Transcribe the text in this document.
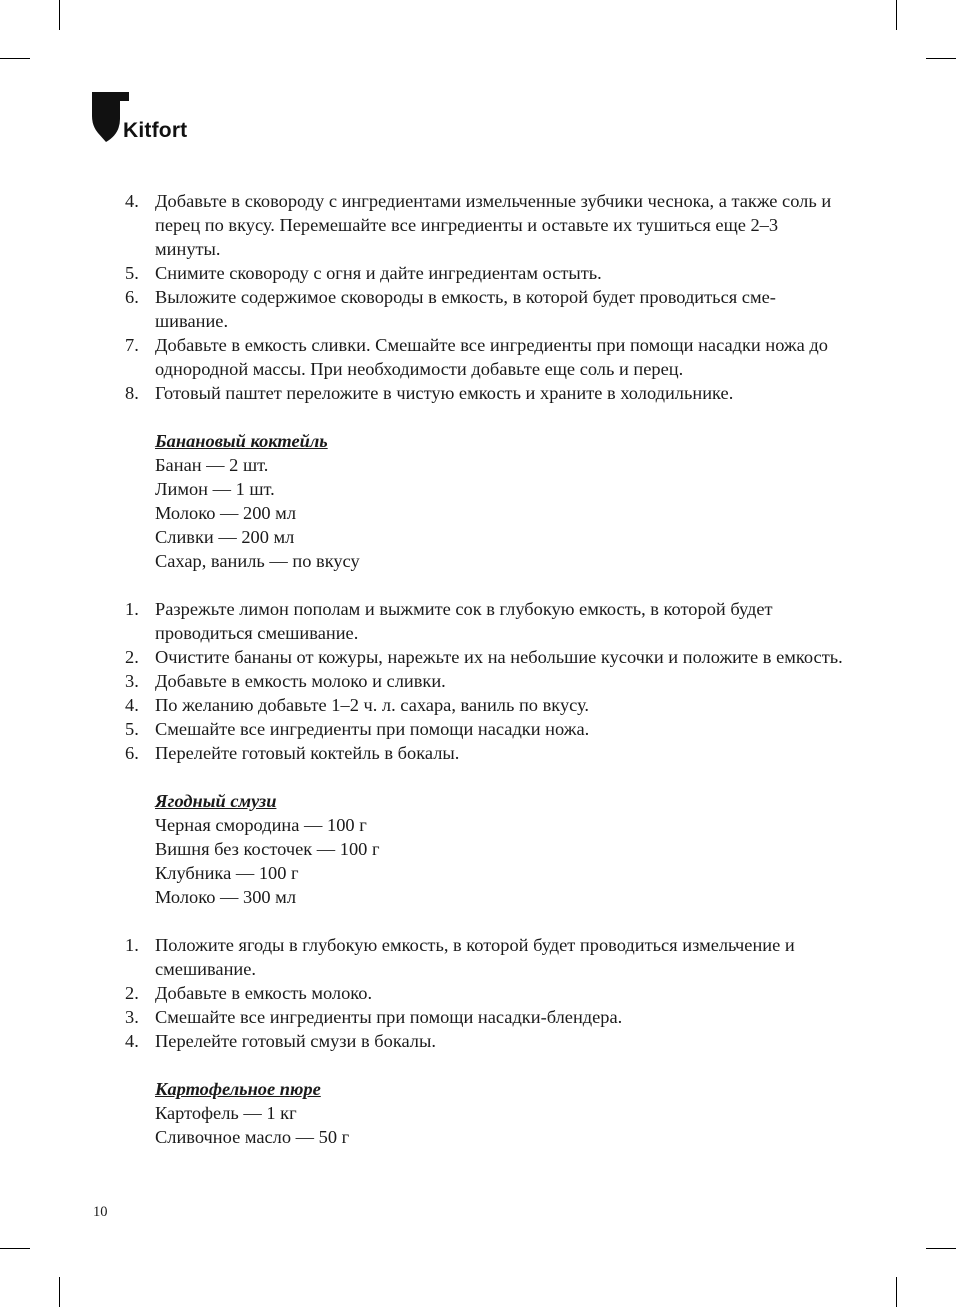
Kitfort
4. Добавьте в сковороду с ингредиентами измельченные зубчики чеснока, а также соль и перец по вкусу. Перемешайте все ингредиенты и оставьте их тушиться еще 2–3 минуты.
5. Снимите сковороду с огня и дайте ингредиентам остыть.
6. Выложите содержимое сковороды в емкость, в которой будет проводиться сме-шивание.
7. Добавьте в емкость сливки. Смешайте все ингредиенты при помощи насадки ножа до однородной массы. При необходимости добавьте еще соль и перец.
8. Готовый паштет переложите в чистую емкость и храните в холодильнике.
Банановый коктейль
Банан — 2 шт.
Лимон — 1 шт.
Молоко — 200 мл
Сливки — 200 мл
Сахар, ваниль — по вкусу
1. Разрежьте лимон пополам и выжмите сок в глубокую емкость, в которой будет проводиться смешивание.
2. Очистите бананы от кожуры, нарежьте их на небольшие кусочки и положите в емкость.
3. Добавьте в емкость молоко и сливки.
4. По желанию добавьте 1–2 ч. л. сахара, ваниль по вкусу.
5. Смешайте все ингредиенты при помощи насадки ножа.
6. Перелейте готовый коктейль в бокалы.
Ягодный смузи
Черная смородина — 100 г
Вишня без косточек — 100 г
Клубника — 100 г
Молоко — 300 мл
1. Положите ягоды в глубокую емкость, в которой будет проводиться измельчение и смешивание.
2. Добавьте в емкость молоко.
3. Смешайте все ингредиенты при помощи насадки-блендера.
4. Перелейте готовый смузи в бокалы.
Картофельное пюре
Картофель — 1 кг
Сливочное масло — 50 г
10
